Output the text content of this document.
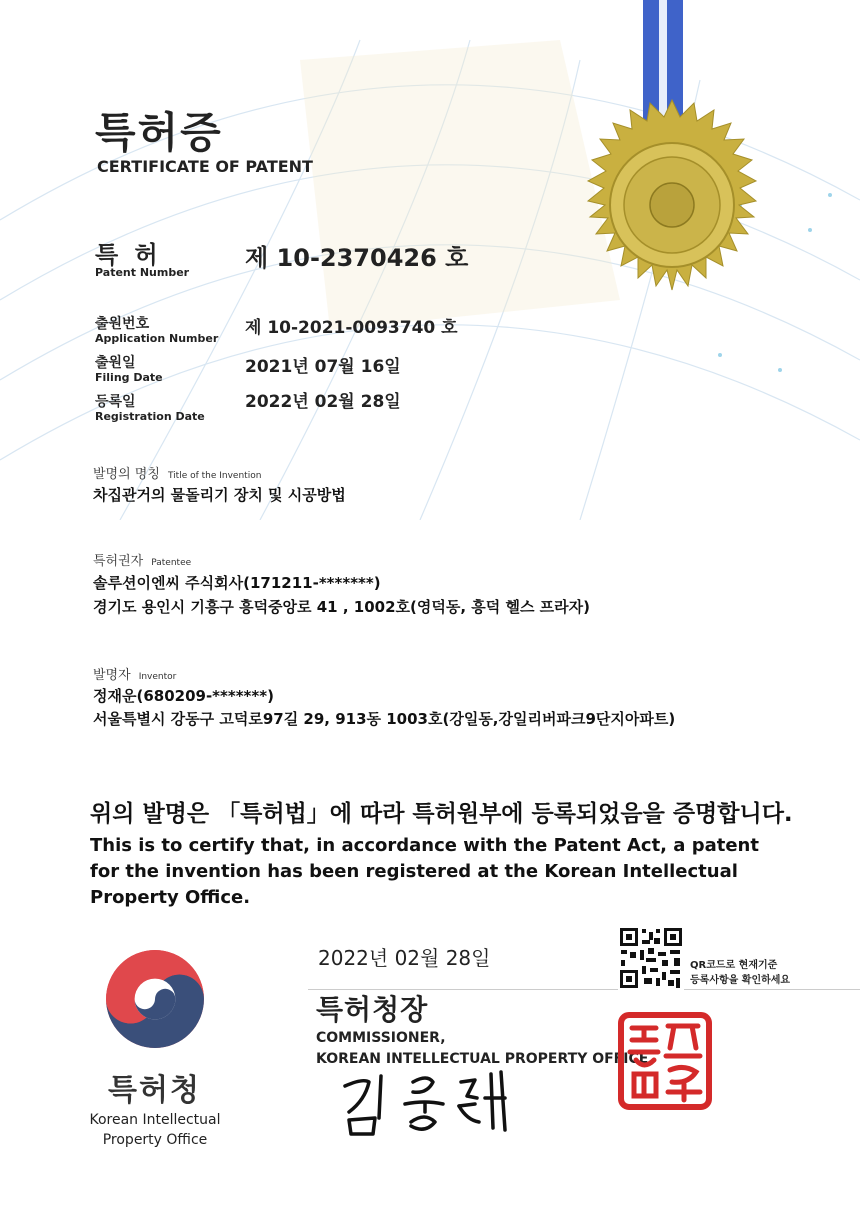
특허증
CERTIFICATE OF PATENT
특 허
Patent Number
제 10-2370426 호
출원번호
Application Number
제 10-2021-0093740 호
출원일
Filing Date
2021년 07월 16일
등록일
Registration Date
2022년 02월 28일
발명의 명칭 Title of the Invention
차집관거의 물돌리기 장치 및 시공방법
특허권자 Patentee
솔루션이엔씨 주식회사(171211-*******)
경기도 용인시 기흥구 흥덕중앙로 41 , 1002호(영덕동, 흥덕 헬스 프라자)
발명자 Inventor
정재운(680209-*******)
서울특별시 강동구 고덕로97길 29, 913동 1003호(강일동,강일리버파크9단지아파트)
위의 발명은 「특허법」에 따라 특허원부에 등록되었음을 증명합니다.
This is to certify that, in accordance with the Patent Act, a patent for the invention has been registered at the Korean Intellectual Property Office.
2022년 02월 28일	QR코드로 현재기준
등록사항을 확인하세요
특허청장
COMMISSIONER,
KOREAN INTELLECTUAL PROPERTY OFFICE
특허청
Korean Intellectual Property Office
